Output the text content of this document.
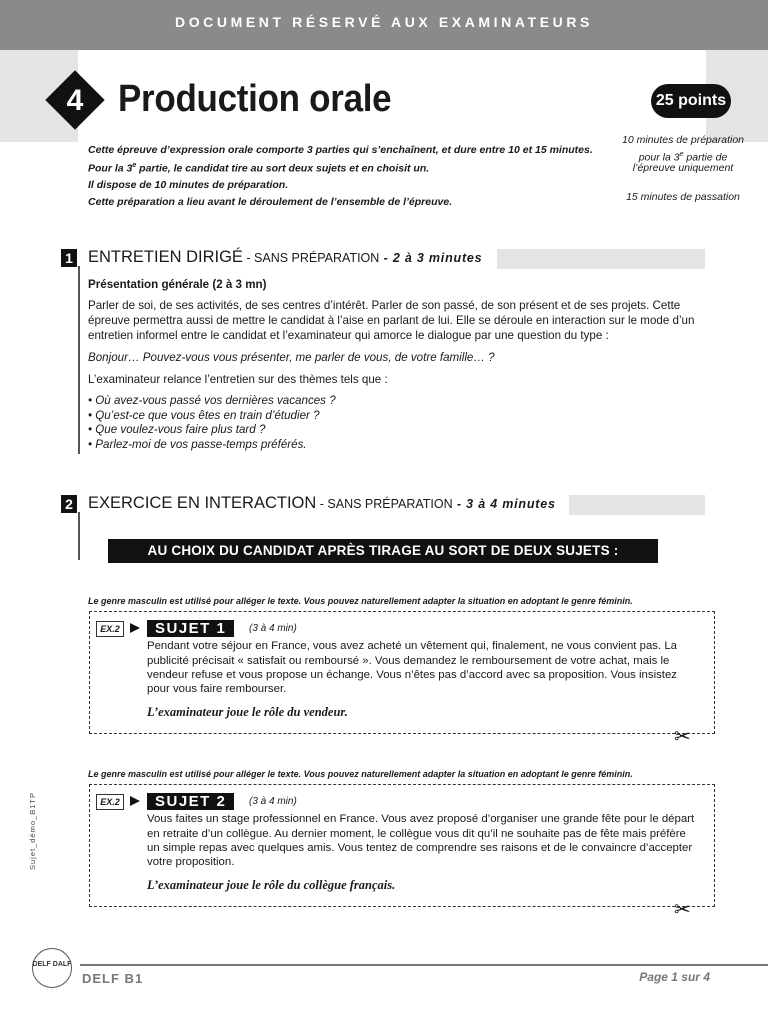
DOCUMENT RÉSERVÉ AUX EXAMINATEURS
4 Production orale	25 points
Cette épreuve d’expression orale comporte 3 parties qui s’enchaînent, et dure entre 10 et 15 minutes.
Pour la 3e partie, le candidat tire au sort deux sujets et en choisit un.
Il dispose de 10 minutes de préparation.
Cette préparation a lieu avant le déroulement de l’ensemble de l’épreuve.
10 minutes de préparation
pour la 3e partie de
l’épreuve uniquement
15 minutes de passation
1 ENTRETIEN DIRIGÉ - SANS PRÉPARATION - 2 à 3 minutes
Présentation générale (2 à 3 mn)
Parler de soi, de ses activités, de ses centres d’intérêt. Parler de son passé, de son présent et de ses projets. Cette
épreuve permettra aussi de mettre le candidat à l’aise en parlant de lui. Elle se déroule en interaction sur le mode d’un
entretien informel entre le candidat et l’examinateur qui amorce le dialogue par une question du type :
Bonjour… Pouvez-vous vous présenter, me parler de vous, de votre famille… ?
L’examinateur relance l’entretien sur des thèmes tels que :
• Où avez-vous passé vos dernières vacances ?
• Qu’est-ce que vous êtes en train d’étudier ?
• Que voulez-vous faire plus tard ?
• Parlez-moi de vos passe-temps préférés.
2 EXERCICE EN INTERACTION - SANS PRÉPARATION - 3 à 4 minutes
AU CHOIX DU CANDIDAT APRÈS TIRAGE AU SORT DE DEUX SUJETS :
Le genre masculin est utilisé pour alléger le texte. Vous pouvez naturellement adapter la situation en adoptant le genre féminin.
EX.2	SUJET 1	(3 à 4 min)
Pendant votre séjour en France, vous avez acheté un vêtement qui, finalement, ne vous convient pas. La
publicité précisait « satisfait ou remboursé ». Vous demandez le remboursement de votre achat, mais le
vendeur refuse et vous propose un échange. Vous n’êtes pas d’accord avec sa proposition. Vous insistez
pour vous faire rembourser.
L’examinateur joue le rôle du vendeur.
✂
Le genre masculin est utilisé pour alléger le texte. Vous pouvez naturellement adapter la situation en adoptant le genre féminin.
EX.2	SUJET 2	(3 à 4 min)
Vous faites un stage professionnel en France. Vous avez proposé d’organiser une grande fête pour le départ
en retraite d’un collègue. Au dernier moment, le collègue vous dit qu’il ne souhaite pas de fête mais préfère
un simple repas avec quelques amis. Vous tentez de comprendre ses raisons et de le convaincre d’accepter
votre proposition.
L’examinateur joue le rôle du collègue français.
✂
Sujet_démo_B1TP
DELF DALF
DELF B1	Page 1 sur 4
